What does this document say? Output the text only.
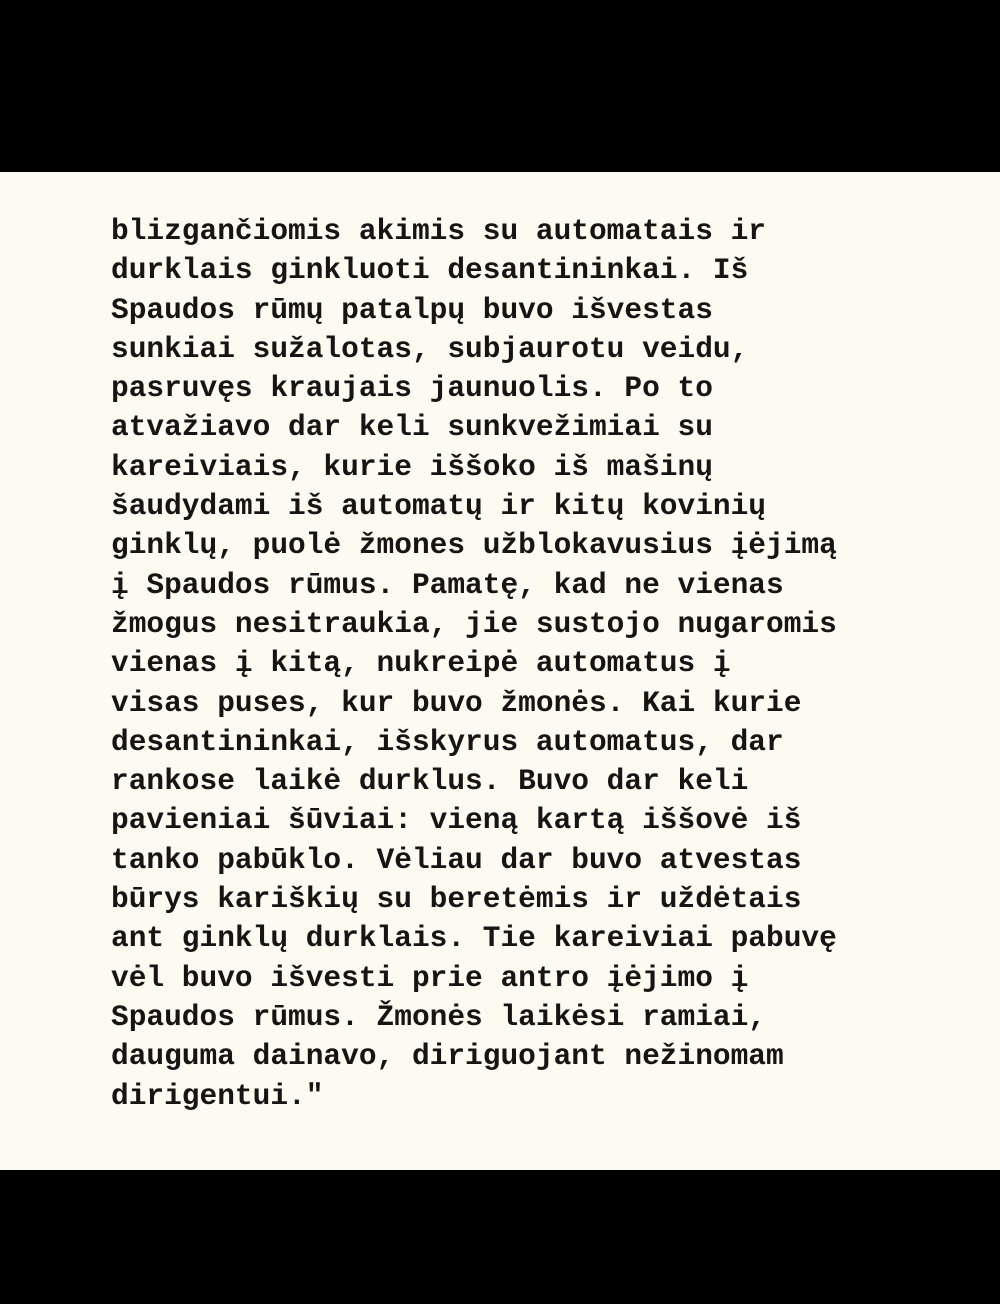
blizgančiomis akimis su automatais ir
durklais ginkluoti desantininkai. Iš
Spaudos rūmų patalpų buvo išvestas
sunkiai sužalotas, subjaurotu veidu,
pasruvęs kraujais jaunuolis. Po to
atvažiavo dar keli sunkvežimiai su
kareiviais, kurie iššoko iš mašinų
šaudydami iš automatų ir kitų kovinių
ginklų, puolė žmones užblokavusius įėjimą
į Spaudos rūmus. Pamatę, kad ne vienas
žmogus nesitraukia, jie sustojo nugaromis
vienas į kitą, nukreipė automatus į
visas puses, kur buvo žmonės. Kai kurie
desantininkai, išskyrus automatus, dar
rankose laikė durklus. Buvo dar keli
pavieniai šūviai: vieną kartą iššovė iš
tanko pabūklo. Vėliau dar buvo atvestas
būrys kariškių su beretėmis ir uždėtais
ant ginklų durklais. Tie kareiviai pabuvę
vėl buvo išvesti prie antro įėjimo į
Spaudos rūmus. Žmonės laikėsi ramiai,
dauguma dainavo, diriguojant nežinomam
dirigentui."
